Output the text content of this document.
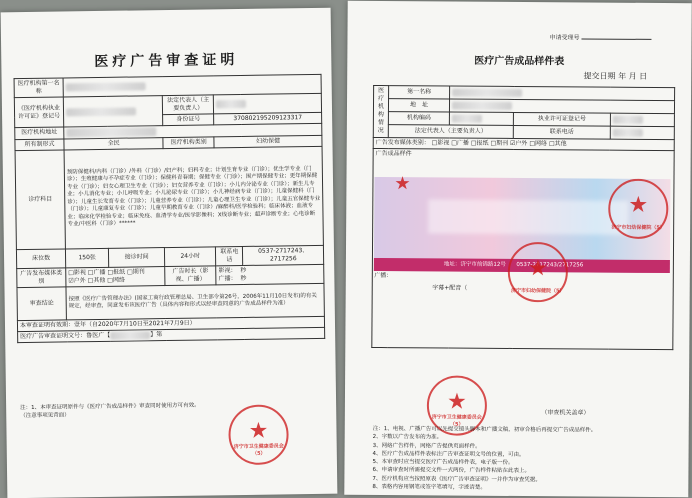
医疗广告审查证明
医疗机构第一名称	
《医疗机构执业许可证》登记号			法定代表人（主要负责人）	
			身份证号	370802195209123317	
医疗机构地址	
所有制形式	全民		医疗机构类别	妇幼保健	
诊疗科目	预防保健科/内科（门诊）/外科（门诊）/妇产科；妇科专业；计划生育专业（门诊）；优生学专业（门诊）；生殖健康与不孕症专业（门诊）；保健科青春期；保健专业（门诊）；围产期保健专业；更年期保健专业（门诊）；妇女心理卫生专业（门诊）；妇女营养专业（门诊）；小儿内分泌专业（门诊）；新生儿专业；小儿消化专业；小儿呼吸专业；小儿泌尿专业（门诊）；小儿神经病专业（门诊）；儿童保健科（门诊）；儿童生长发育专业（门诊）；儿童营养专业（门诊）；儿童心理卫生专业（门诊）；儿童五官保健专业（门诊）；儿童康复专业（门诊）；儿童早期教育专业（门诊）/麻醉科/医学检验科；临床体液；血液专业；临床化学检验专业；临床免疫、血清学专业/医学影像科；X线诊断专业；超声诊断专业；心电诊断专业/中医科（门诊）******				
床位数	150张	接诊时间	24小时	联系电话	0537-2717243、2717256
广告发布媒体类别	□影视 □广播 □报纸 □期刊
☑户外 □其他 □网络		广告时长（影视、广播）	影视： 秒
广播： 秒	
审查结论	按照《医疗广告管理办法》(国家工商行政管理总局、卫生部令第26号，2006年11月10日发布)的有关规定，经审查，同意发布该医疗广告（具体内容和形式以经审查同意的广告成品样件为准）				
本审查证明有效期：壹年（自2020年7月10日至2021年7月9日）					
医疗广告审查证明文号：鲁医广【 】第					
注：1、本审查证明原件与《医疗广告成品样件》审查同时使用方可有效。
（注意事项见背面）
★
济宁市卫生健康委员会（5）
申请受理号
医疗广告成品样件表
提交日期 年 月 日
医疗机构情况	第一名称	
	地　址	
	机构编码		执业许可证登记号	
	法定代表人（主要负责人）		联系电话	
广告发布媒体类别： □影视 □广播 □报纸 □期刊 ☑户外 □网络 □其他				
广告成品样件
广播：
字幕+配音（
（审查机关盖章）				
地址：济宁市前锦路12号 0537-2717243/2717256
★
★
济宁市妇幼保健院（5）
★
济宁市妇幼保健院（5）
★
济宁市卫生健康委员会（5）
注：1、电视、广播广告可以先提交镜头脚本和广播文稿，初审合格后再提交广告成品样件。
2、字数以广告发布的为准。
3、网络广告样件，网络广告提供页面样件。
4、医疗广告成品样件表标注广告审查证明文号的位置，可由。
5、本审查时应当提交医疗广告成品样件表，电子版一份。
6、申请审查时所需提交文件一式两份，广告样件粘贴在此表上。
7、医疗机构应当按照原表《医疗广告审查证明》一并作为审查凭据。
8、表格内容用钢笔或签字笔填写，字迹清楚。
